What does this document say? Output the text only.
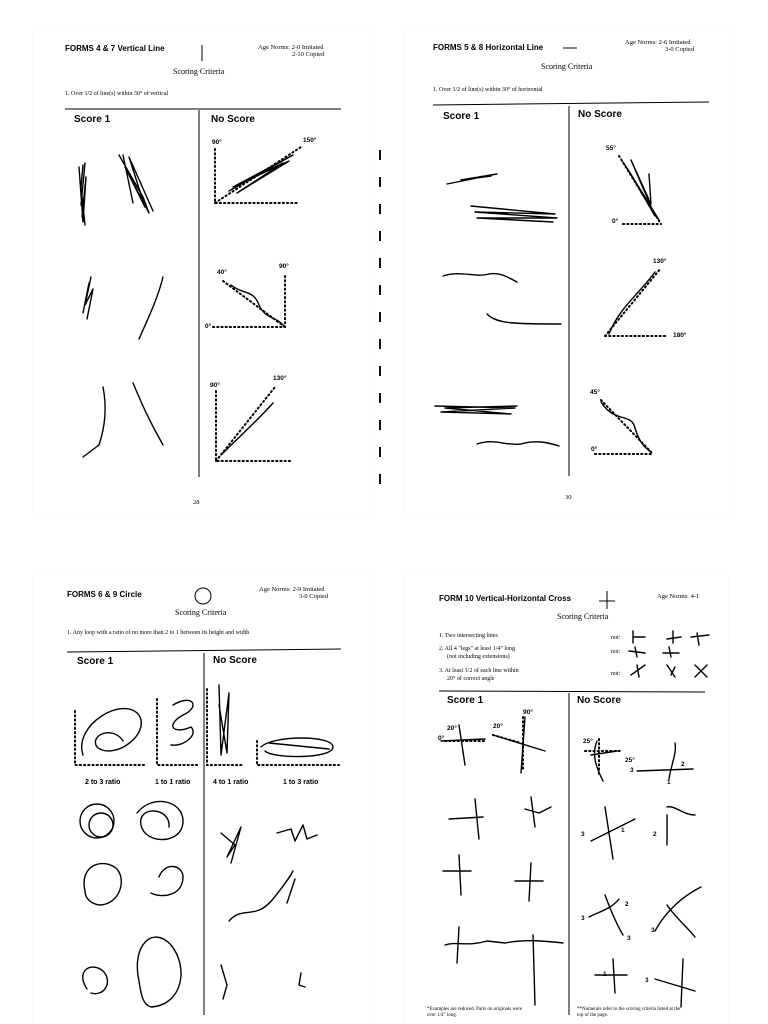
FORMS 4 & 7 Vertical Line	Age Norms: 2-0 Imitated
2-10 Copied
Scoring Criteria
1. Over 1/2 of line(s) within 30° of vertical
Score 1	No Score
90°	150°
40°
90°
0°
90°
130°
28
FORMS 5 & 8 Horizontal Line
Age Norms: 2-6 Imitated
3-0 Copied
Scoring Criteria
1. Over 1/2 of line(s) within 30° of horizontal
Score 1	No Score
55°
0°
130°
180°
45°
0°
30
FORMS 6 & 9 Circle
Age Norms: 2-9 Imitated
3-0 Copied
Scoring Criteria
1. Any loop with a ratio of no more than 2 to 1 between its height and width
Score 1	No Score
2 to 3 ratio	1 to 1 ratio	4 to 1 ratio	1 to 3 ratio
FORM 10 Vertical-Horizontal Cross	Age Norms: 4-1
Scoring Criteria
1. Two intersecting lines
2. All 4 "legs" at least 1/4" long
(not including extensions)
3. At least 1/2 of each line within
20° of correct angle
not:
not:
not:
Score 1	No Score
20°	20°
90°
0°	25°
25°
3
2
1
3
1
2
3
2
3
3
1
3
*Examples are reduced. Parts on originals were over 1/4" long.
**Numerals refer to the scoring criteria listed at the top of the page.
